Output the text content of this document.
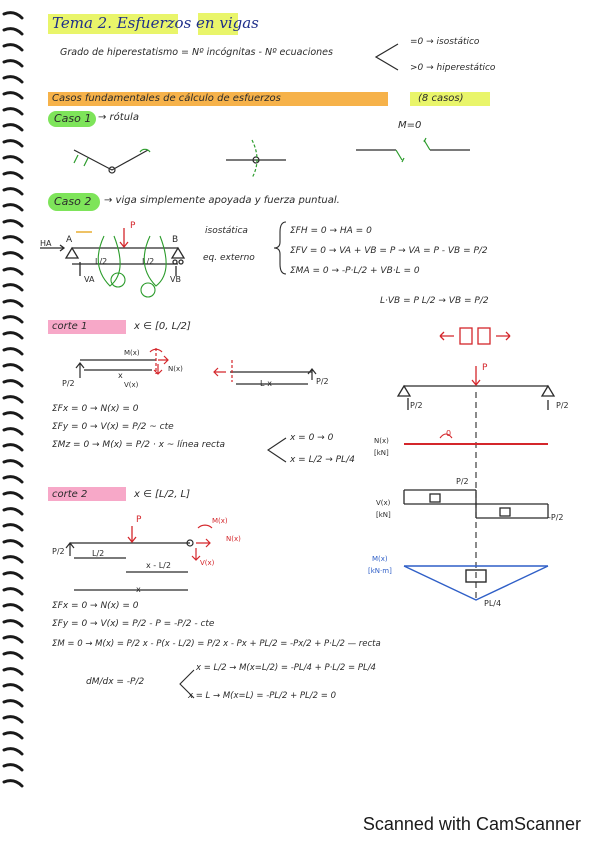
Tema 2. Esfuerzos en vigas
Grado de hiperestatismo = Nº incógnitas - Nº ecuaciones
=0 → isostático
>0 → hiperestático
Casos fundamentales de cálculo de esfuerzos	(8 casos)
Caso 1 → rótula
M=0
Caso 2 → viga simplemente apoyada y fuerza puntual.
isostática
eq. externo
ΣFH = 0 → HA = 0
ΣFV = 0 → VA + VB = P → VA = P - VB = P/2
ΣMA = 0 → -P·L/2 + VB·L = 0
L·VB = P L/2 → VB = P/2
A	B
P
HA
VA	VB
L/2	L/2
corte 1	x ∈ [0, L/2]
ΣFx = 0 → N(x) = 0
ΣFy = 0 → V(x) = P/2 ~ cte
ΣMz = 0 → M(x) = P/2 · x ~ línea recta
x = 0 → 0
x = L/2 → PL/4
M(x)
V(x)
N(x)
x
L-x
P/2	P/2
corte 2	x ∈ [L/2, L]
ΣFx = 0 → N(x) = 0
ΣFy = 0 → V(x) = P/2 - P = -P/2 - cte
ΣM = 0 → M(x) = P/2 x - P(x - L/2) = P/2 x - Px + PL/2 = -Px/2 + P·L/2 — recta
dM/dx = -P/2
x = L/2 → M(x=L/2) = -PL/4 + P·L/2 = PL/4
x = L → M(x=L) = -PL/2 + PL/2 = 0
P	M(x)
N(x)
V(x)
L/2
x - L/2
x
P/2
P
P/2	P/2
N(x)
[kN]
0
V(x)
[kN]
P/2
-P/2
M(x)
[kN·m]
PL/4
Scanned with CamScanner
